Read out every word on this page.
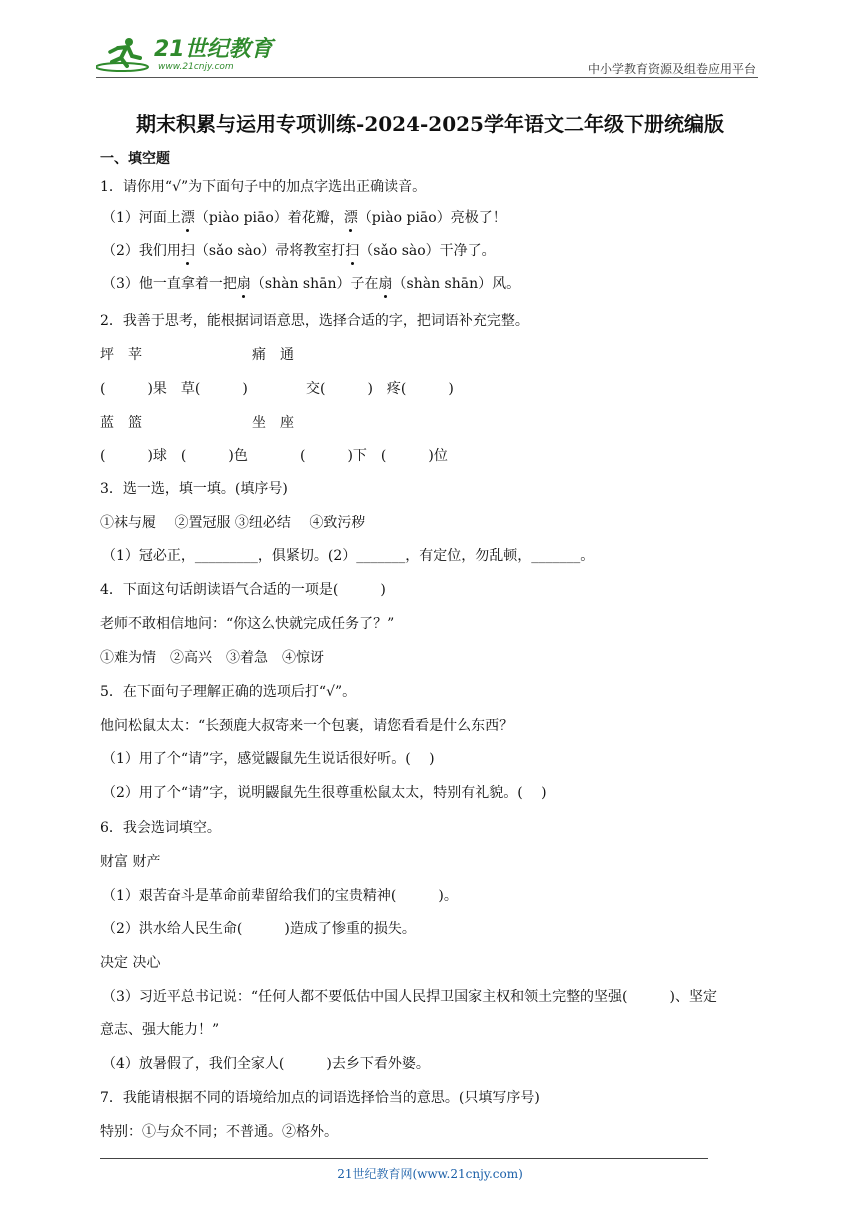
21世纪教育
www.21cnjy.com	中小学教育资源及组卷应用平台
期末积累与运用专项训练-2024-2025学年语文二年级下册统编版
一、填空题
1．请你用“√”为下面句子中的加点字选出正确读音。
（1）河面上漂（piào piāo）着花瓣，漂（piào piāo）亮极了！
（2）我们用扫（sǎo sào）帚将教室打扫（sǎo sào）干净了。
（3）他一直拿着一把扇（shàn shān）子在扇（shàn shān）风。
2．我善于思考，能根据词语意思，选择合适的字，把词语补充完整。
坪　苹	痛　通
(　　　)果　草(　　　)	交(　　　)　疼(　　　)
蓝　篮	坐　座
(　　　)球　(　　　)色	(　　　)下　(　　　)位
3．选一选，填一填。(填序号)
①袜与履　 ②置冠服 ③纽必结　 ④致污秽
（1）冠必正，_________，俱紧切。(2）_______，有定位，勿乱顿，_______。
4．下面这句话朗读语气合适的一项是(　　　)
老师不敢相信地问：“你这么快就完成任务了？”
①难为情　②高兴　③着急　④惊讶
5．在下面句子理解正确的选项后打“√”。
他问松鼠太太：“长颈鹿大叔寄来一个包裹，请您看看是什么东西？
（1）用了个“请”字，感觉鼹鼠先生说话很好听。(　 )
（2）用了个“请”字，说明鼹鼠先生很尊重松鼠太太，特别有礼貌。(　 )
6．我会选词填空。
财富 财产
（1）艰苦奋斗是革命前辈留给我们的宝贵精神(　　　)。
（2）洪水给人民生命(　　　)造成了惨重的损失。
决定 决心
（3）习近平总书记说：“任何人都不要低估中国人民捍卫国家主权和领土完整的坚强(　　　)、坚定
意志、强大能力！”
（4）放暑假了，我们全家人(　　　)去乡下看外婆。
7．我能请根据不同的语境给加点的词语选择恰当的意思。(只填写序号)
特别：①与众不同；不普通。②格外。
21世纪教育网(www.21cnjy.com)
